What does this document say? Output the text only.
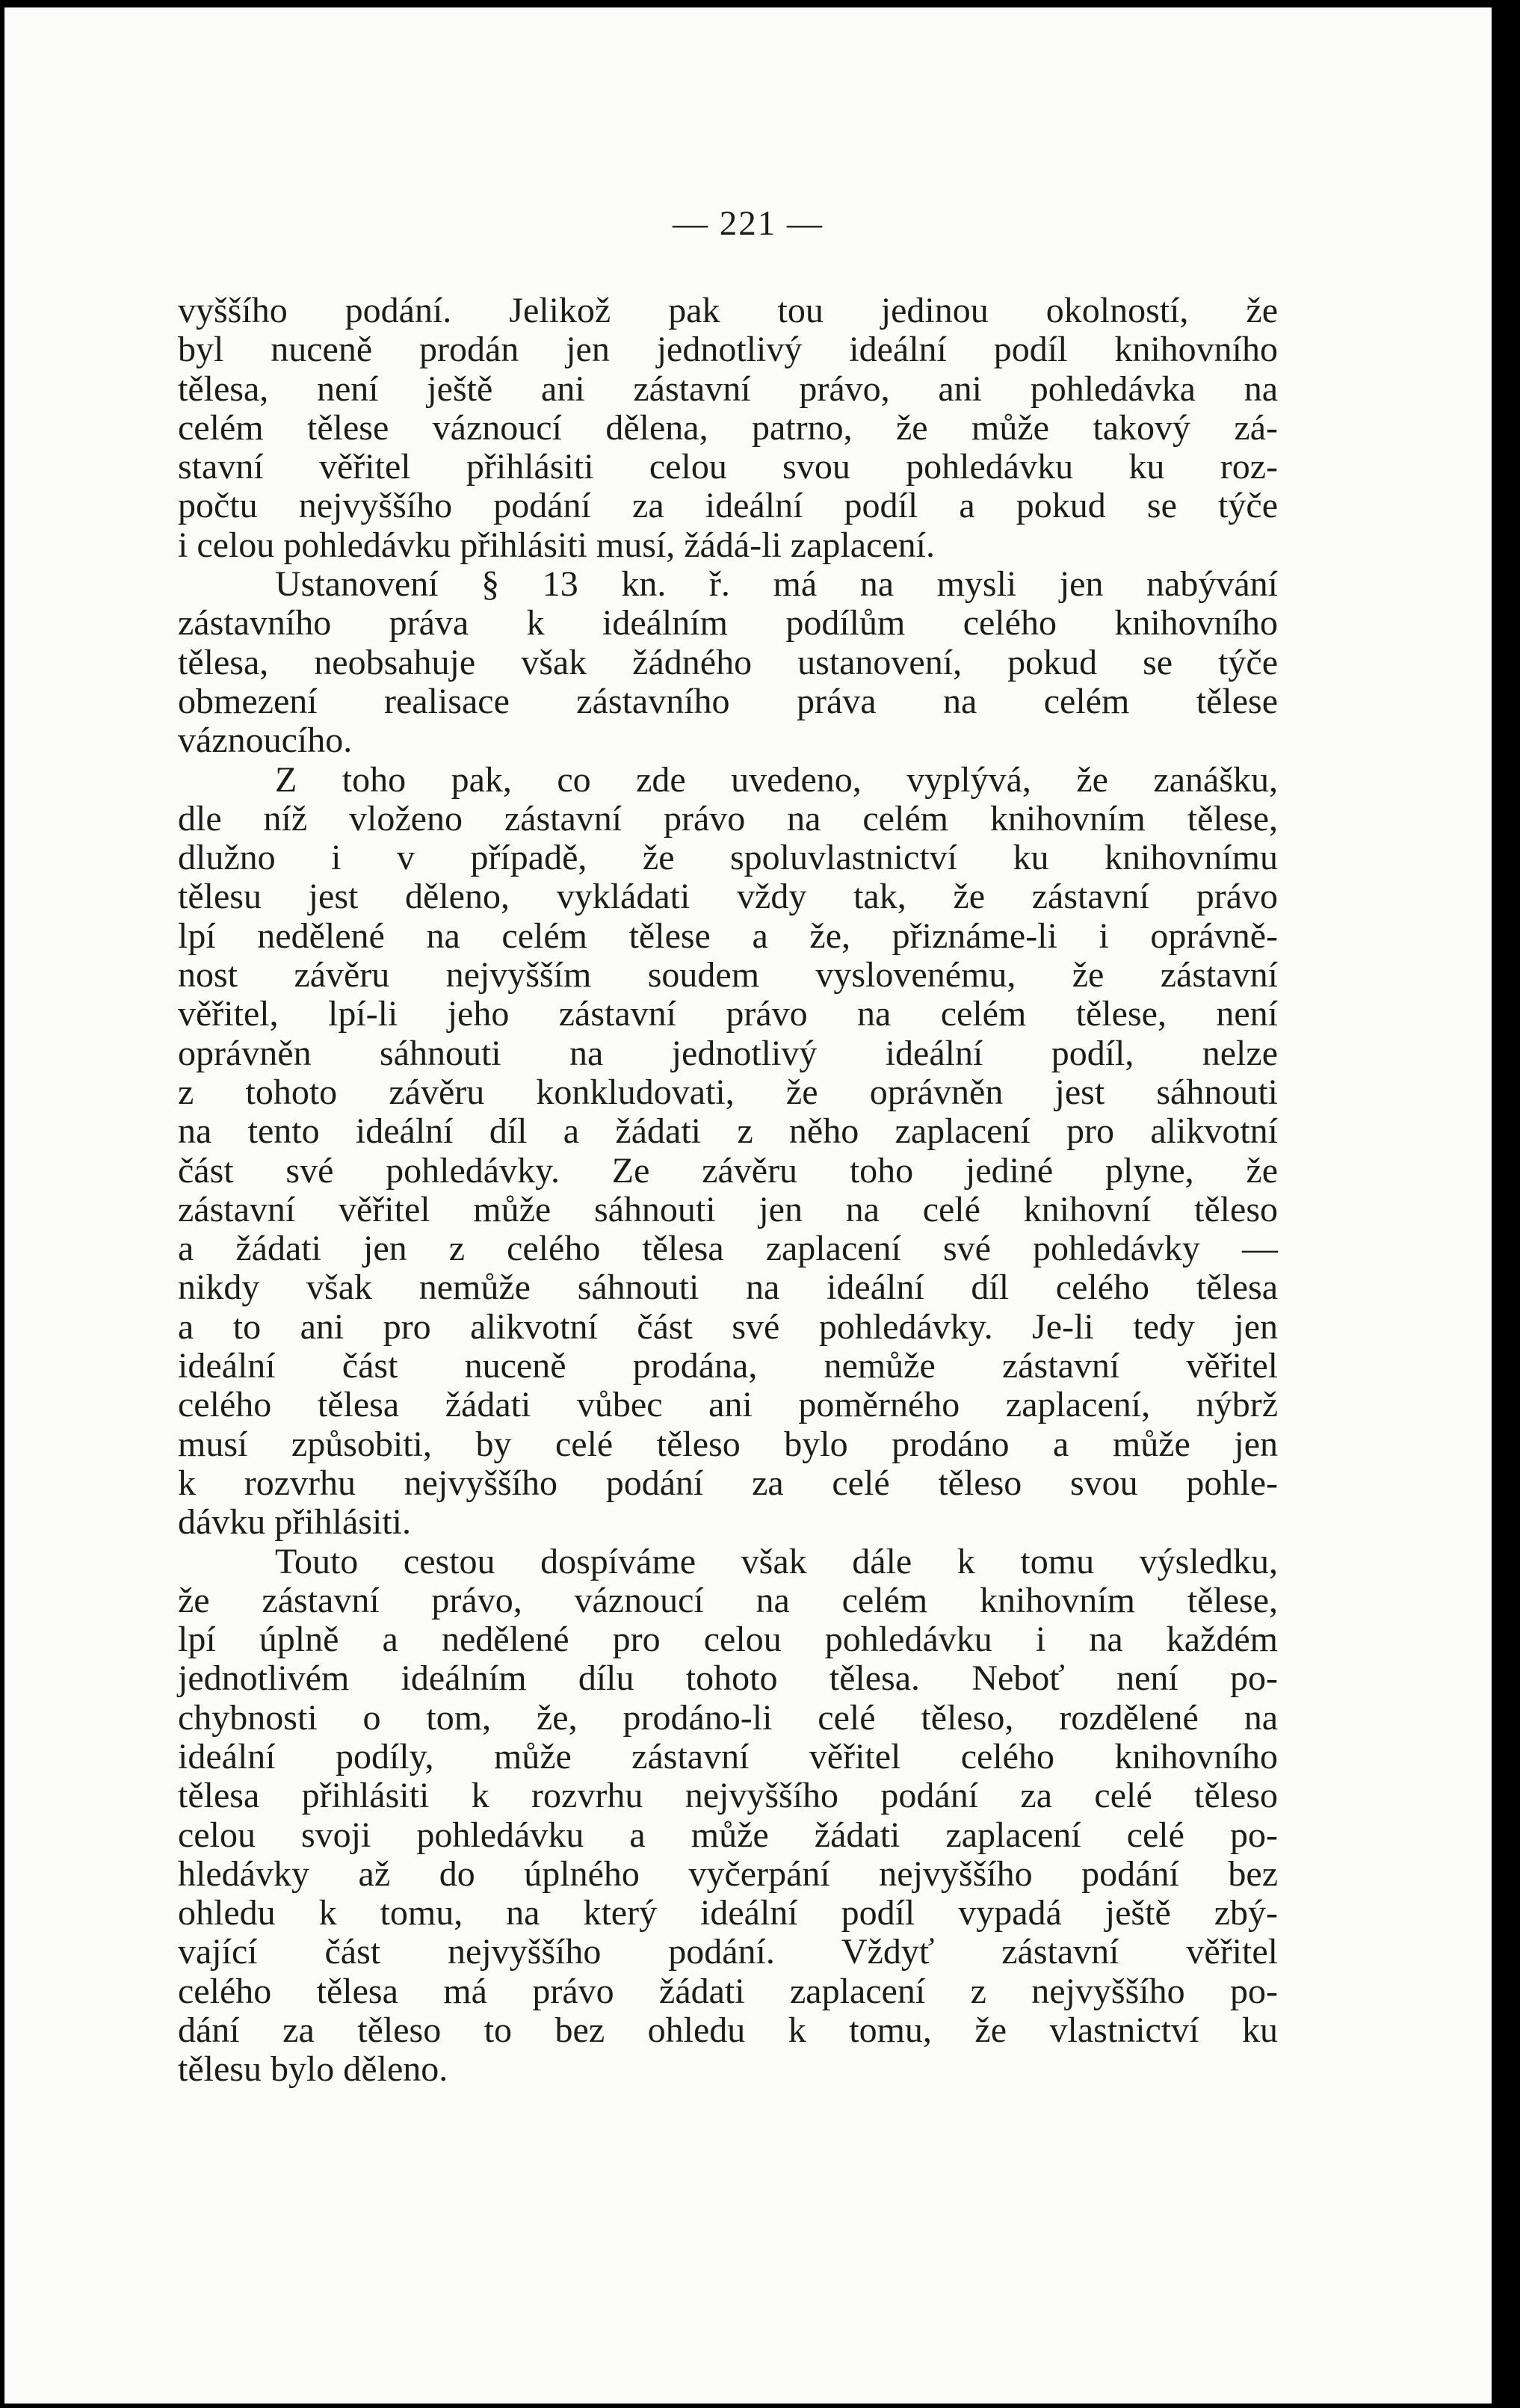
— 221 —
vyššího podání. Jelikož pak tou jedinou okolností, že
byl nuceně prodán jen jednotlivý ideální podíl knihovního
tělesa, není ještě ani zástavní právo, ani pohledávka na
celém tělese váznoucí dělena, patrno, že může takový zá-
stavní věřitel přihlásiti celou svou pohledávku ku roz-
počtu nejvyššího podání za ideální podíl a pokud se týče
i celou pohledávku přihlásiti musí, žádá-li zaplacení.
Ustanovení § 13 kn. ř. má na mysli jen nabývání
zástavního práva k ideálním podílům celého knihovního
tělesa, neobsahuje však žádného ustanovení, pokud se týče
obmezení realisace zástavního práva na celém tělese
váznoucího.
Z toho pak, co zde uvedeno, vyplývá, že zanášku,
dle níž vloženo zástavní právo na celém knihovním tělese,
dlužno i v případě, že spoluvlastnictví ku knihovnímu
tělesu jest děleno, vykládati vždy tak, že zástavní právo
lpí nedělené na celém tělese a že, přiznáme-li i oprávně-
nost závěru nejvyšším soudem vyslovenému, že zástavní
věřitel, lpí-li jeho zástavní právo na celém tělese, není
oprávněn sáhnouti na jednotlivý ideální podíl, nelze
z tohoto závěru konkludovati, že oprávněn jest sáhnouti
na tento ideální díl a žádati z něho zaplacení pro alikvotní
část své pohledávky. Ze závěru toho jediné plyne, že
zástavní věřitel může sáhnouti jen na celé knihovní těleso
a žádati jen z celého tělesa zaplacení své pohledávky —
nikdy však nemůže sáhnouti na ideální díl celého tělesa
a to ani pro alikvotní část své pohledávky. Je-li tedy jen
ideální část nuceně prodána, nemůže zástavní věřitel
celého tělesa žádati vůbec ani poměrného zaplacení, nýbrž
musí způsobiti, by celé těleso bylo prodáno a může jen
k rozvrhu nejvyššího podání za celé těleso svou pohle-
dávku přihlásiti.
Touto cestou dospíváme však dále k tomu výsledku,
že zástavní právo, váznoucí na celém knihovním tělese,
lpí úplně a nedělené pro celou pohledávku i na každém
jednotlivém ideálním dílu tohoto tělesa. Neboť není po-
chybnosti o tom, že, prodáno-li celé těleso, rozdělené na
ideální podíly, může zástavní věřitel celého knihovního
tělesa přihlásiti k rozvrhu nejvyššího podání za celé těleso
celou svoji pohledávku a může žádati zaplacení celé po-
hledávky až do úplného vyčerpání nejvyššího podání bez
ohledu k tomu, na který ideální podíl vypadá ještě zbý-
vající část nejvyššího podání. Vždyť zástavní věřitel
celého tělesa má právo žádati zaplacení z nejvyššího po-
dání za těleso to bez ohledu k tomu, že vlastnictví ku
tělesu bylo děleno.
